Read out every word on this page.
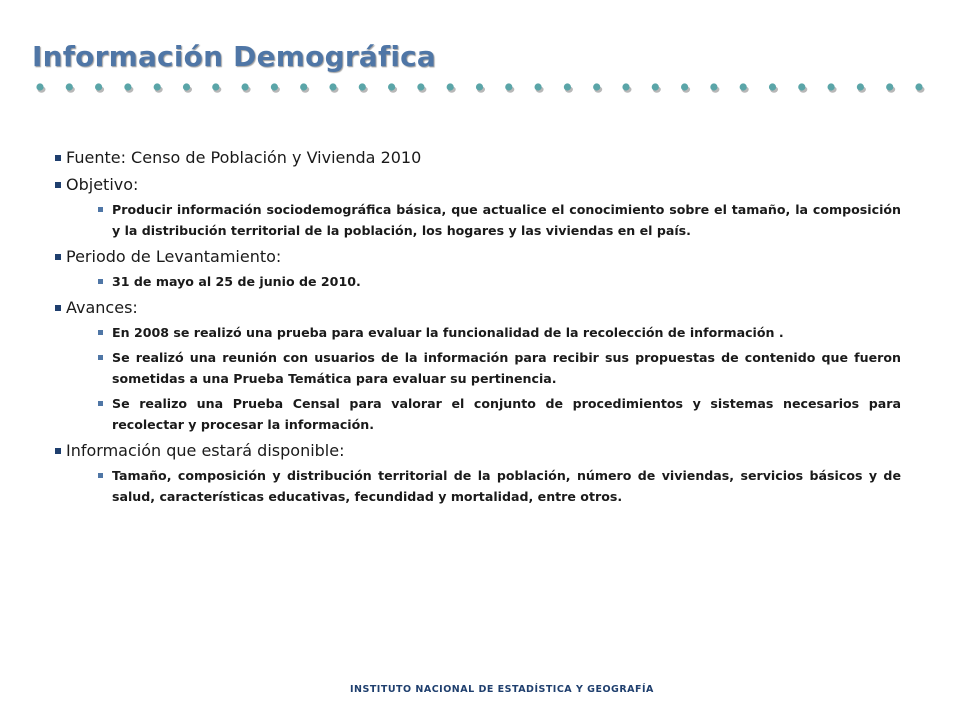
Información Demográfica
Fuente: Censo de Población y Vivienda 2010
Objetivo:
Producir información sociodemográfica básica, que actualice el conocimiento sobre el tamaño, la composición y la distribución territorial de la población, los hogares y las viviendas en el país.
Periodo de Levantamiento:
31 de mayo al 25 de junio de 2010.
Avances:
En 2008 se realizó una prueba para evaluar la funcionalidad de la recolección de información .
Se realizó una reunión con usuarios de la información para recibir sus propuestas de contenido que fueron sometidas a una Prueba Temática para evaluar su pertinencia.
Se realizo una Prueba Censal para valorar el conjunto de procedimientos y sistemas necesarios para recolectar y procesar la información.
Información que estará disponible:
Tamaño, composición y distribución territorial de la población, número de viviendas, servicios básicos y de salud, características educativas, fecundidad y mortalidad, entre otros.
INSTITUTO NACIONAL DE ESTADÍSTICA Y GEOGRAFÍA
